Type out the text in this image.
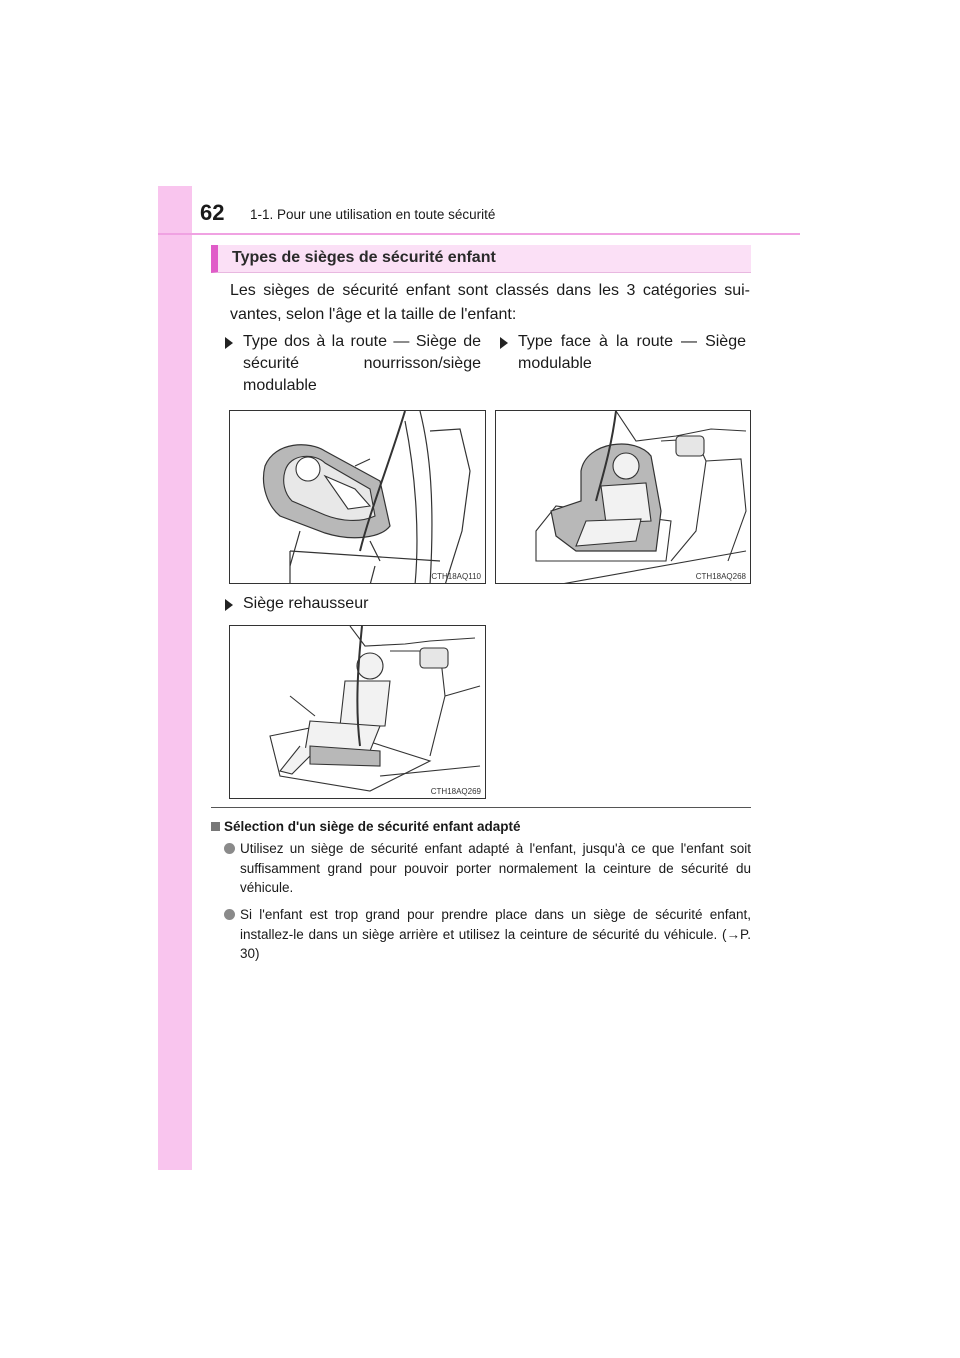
62 1-1. Pour une utilisation en toute sécurité
Types de sièges de sécurité enfant

Les sièges de sécurité enfant sont classés dans les 3 catégories sui-
vantes, selon l'âge et la taille de l'enfant:

Type dos à la route — Siège de sécurité nourrisson/siège modulable
Type face à la route — Siège modulable
CTH18AQ110	CTH18AQ268
Siège rehausseur
CTH18AQ269
Sélection d'un siège de sécurité enfant adapté

Utilisez un siège de sécurité enfant adapté à l'enfant, jusqu'à ce que l'enfant soit suffisamment grand pour pouvoir porter normalement la ceinture de sécurité du véhicule.

Si l'enfant est trop grand pour prendre place dans un siège de sécurité enfant, installez-le dans un siège arrière et utilisez la ceinture de sécurité du véhicule. (→P. 30)
